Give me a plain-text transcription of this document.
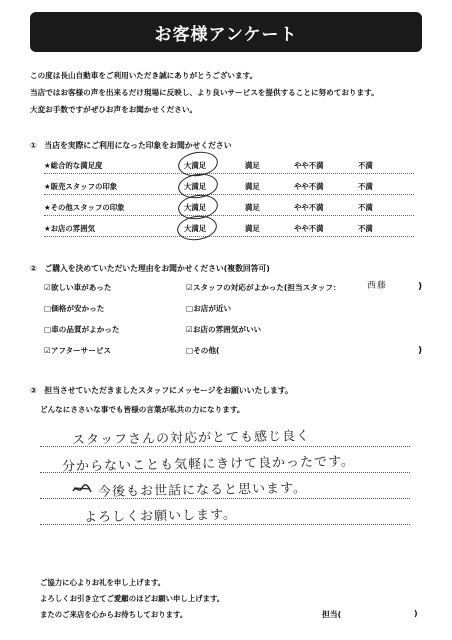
お客様アンケート
この度は長山自動車をご利用いただき誠にありがとうございます。
当店ではお客様の声を出来るだけ現場に反映し、より良いサービスを提供することに努めております。
大変お手数ですがぜひお声をお聞かせください。
①　当店を実際にご利用になった印象をお聞かせください
★総合的な満足度	大満足	満足	やや不満	不満
★販売スタッフの印象	大満足	満足	やや不満	不満
★その他スタッフの印象	大満足	満足	やや不満	不満
★お店の雰囲気	大満足	満足	やや不満	不満
②　ご購入を決めていただいた理由をお聞かせください(複数回答可)
☑欲しい車があった
□価格が安かった
□車の品質がよかった
☑アフターサービス
☑スタッフの対応がよかった(担当スタッフ：	西藤	)
□お店が近い
☑お店の雰囲気がいい
□その他(	)
③　担当させていただきましたスタッフにメッセージをお願いいたします。
どんなにささいな事でも皆様の言葉が私共の力になります。
スタッフさんの対応がとても感じ良く
分からないことも気軽にきけて良かったです。
今後もお世話になると思います。
よろしくお願いします。
ご協力に心よりお礼を申し上げます。
よろしくお引き立てご愛顧のほどお願い申し上げます。
またのご来店を心からお待ちしております。	担当(	)
